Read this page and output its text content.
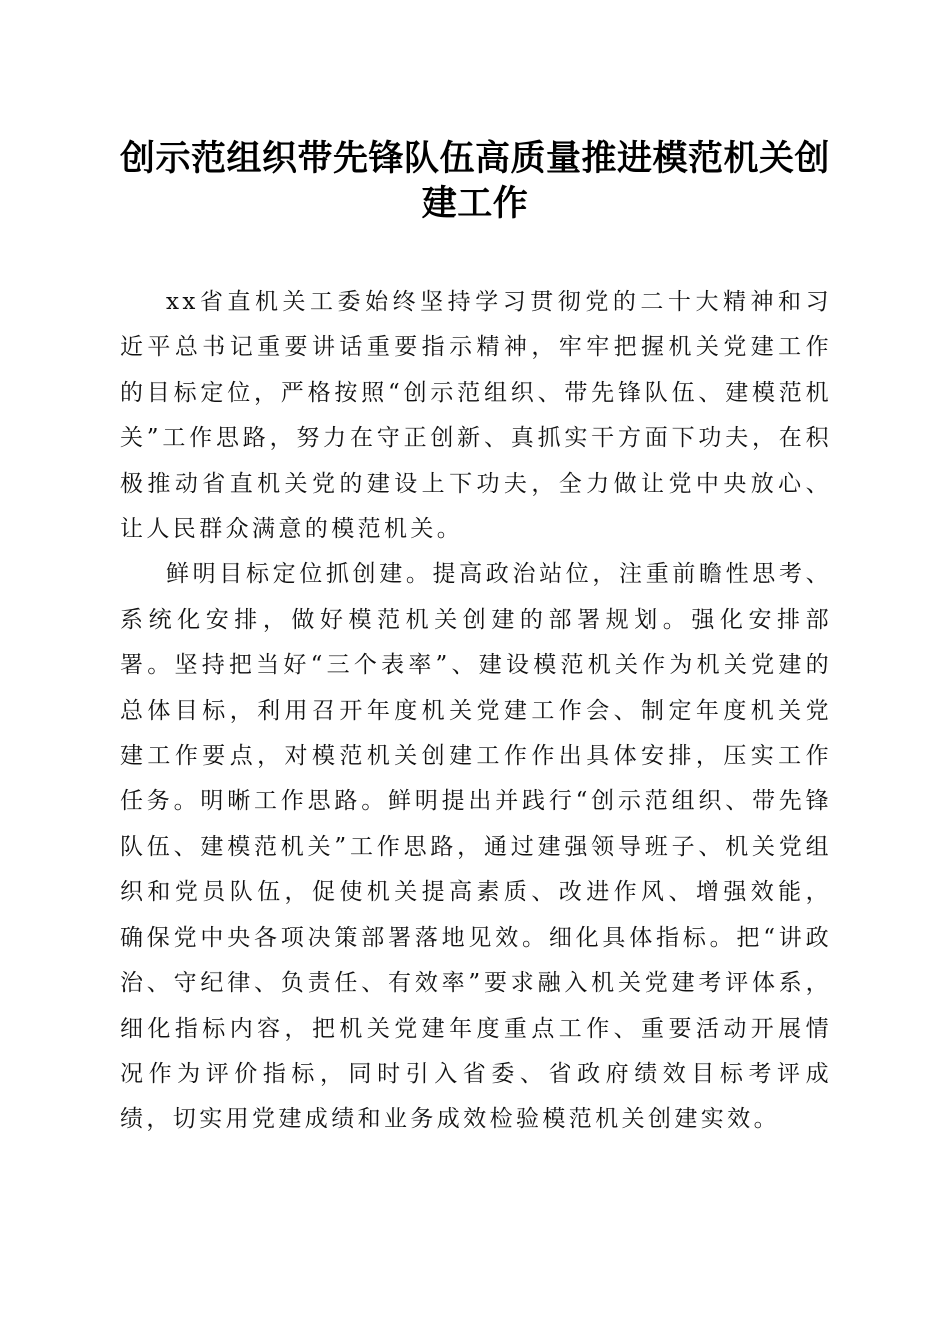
创示范组织带先锋队伍高质量推进模范机关创建工作

xx省直机关工委始终坚持学习贯彻党的二十大精神和习近平总书记重要讲话重要指示精神，牢牢把握机关党建工作的目标定位，严格按照“创示范组织、带先锋队伍、建模范机关”工作思路，努力在守正创新、真抓实干方面下功夫，在积极推动省直机关党的建设上下功夫，全力做让党中央放心、让人民群众满意的模范机关。

鲜明目标定位抓创建。提高政治站位，注重前瞻性思考、系统化安排，做好模范机关创建的部署规划。强化安排部署。坚持把当好“三个表率”、建设模范机关作为机关党建的总体目标，利用召开年度机关党建工作会、制定年度机关党建工作要点，对模范机关创建工作作出具体安排，压实工作任务。明晰工作思路。鲜明提出并践行“创示范组织、带先锋队伍、建模范机关”工作思路，通过建强领导班子、机关党组织和党员队伍，促使机关提高素质、改进作风、增强效能，确保党中央各项决策部署落地见效。细化具体指标。把“讲政治、守纪律、负责任、有效率”要求融入机关党建考评体系，细化指标内容，把机关党建年度重点工作、重要活动开展情况作为评价指标，同时引入省委、省政府绩效目标考评成绩，切实用党建成绩和业务成效检验模范机关创建实效。
